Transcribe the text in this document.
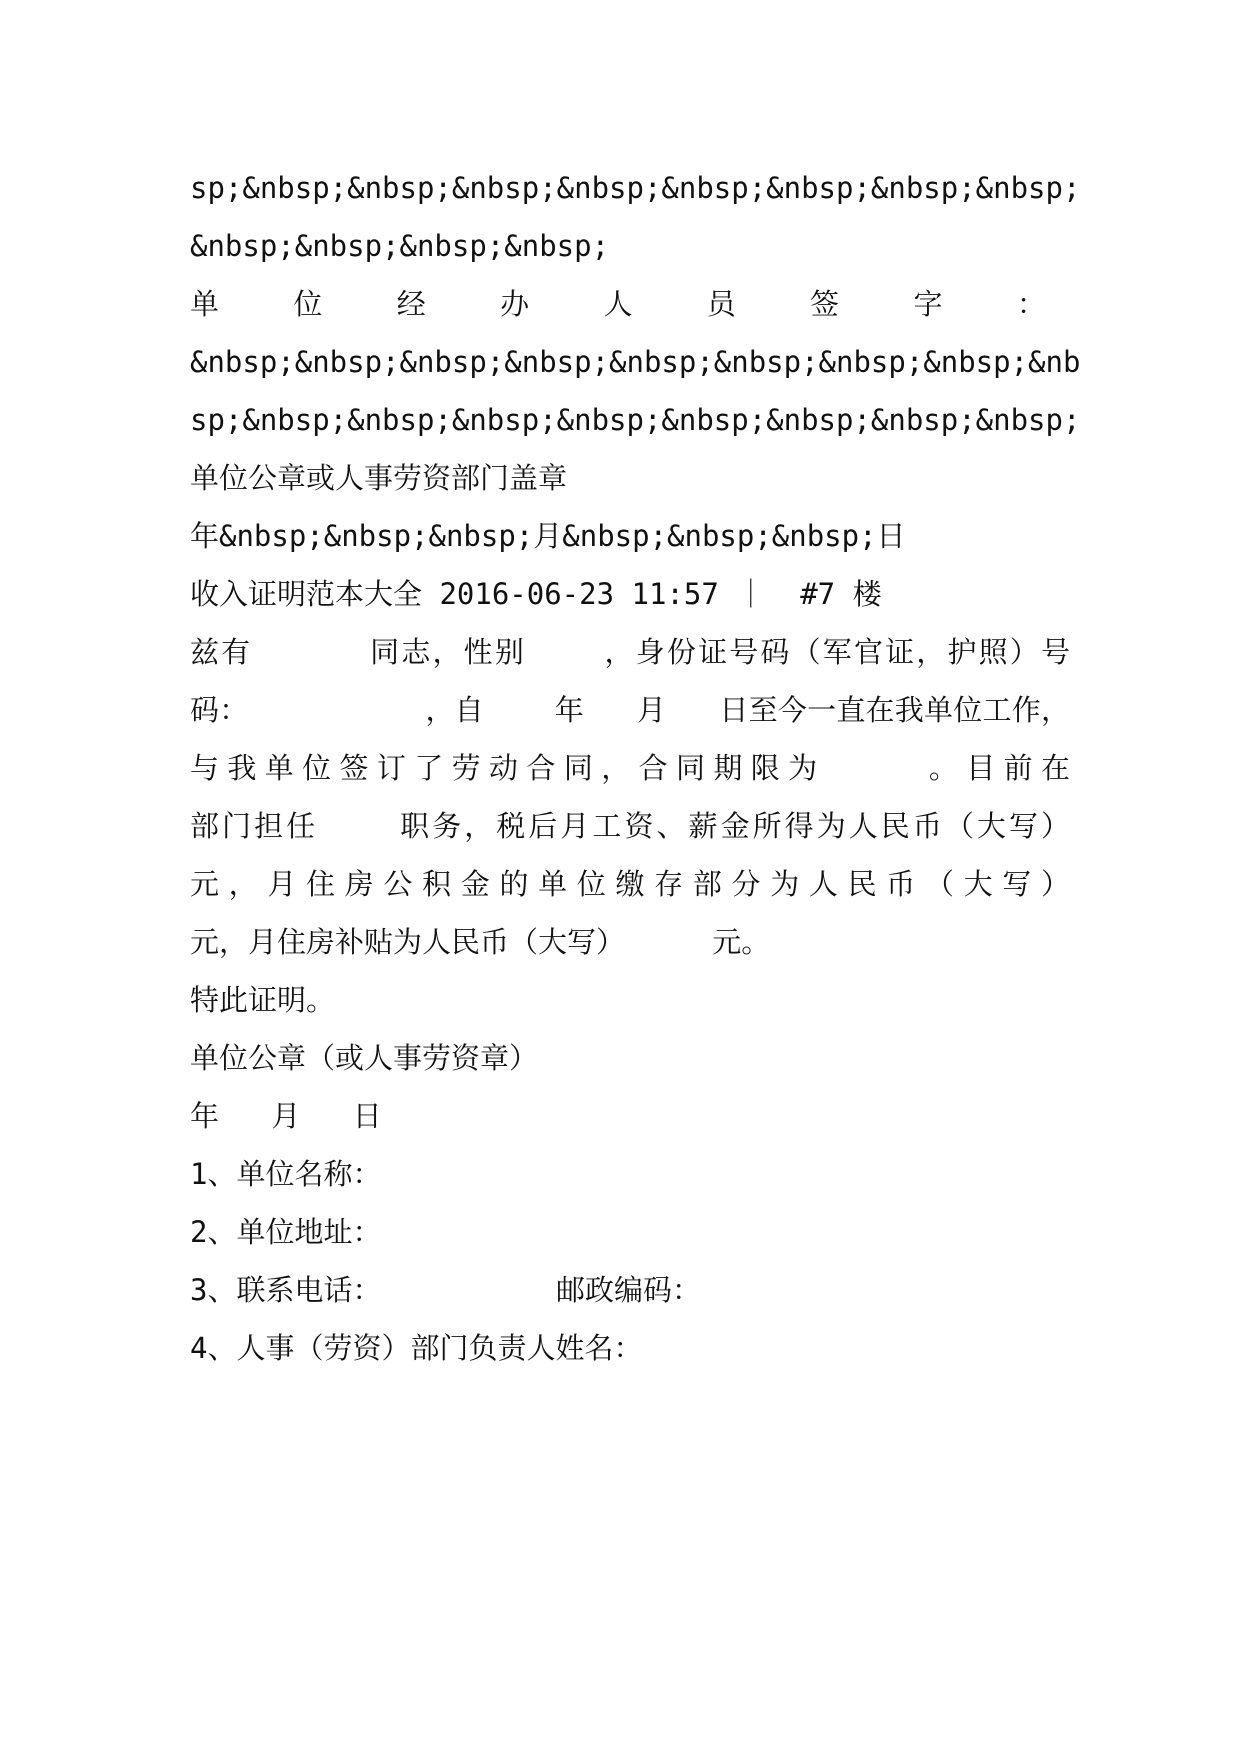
sp;&nbsp;&nbsp;&nbsp;&nbsp;&nbsp;&nbsp;&nbsp;&nbsp;
&nbsp;&nbsp;&nbsp;&nbsp;
单	位	经	办	人	员	签	字	：
&nbsp;&nbsp;&nbsp;&nbsp;&nbsp;&nbsp;&nbsp;&nbsp;&nb
sp;&nbsp;&nbsp;&nbsp;&nbsp;&nbsp;&nbsp;&nbsp;&nbsp;
单位公章或人事劳资部门盖章
年&nbsp;&nbsp;&nbsp;月&nbsp;&nbsp;&nbsp;日
收入证明范本大全 2016-06-23 11:57 ｜  #7 楼
兹有      同志，性别    ，身份证号码（军官证，护照）号
码：          ，自    年   月   日至今一直在我单位工作，
与我单位签订了劳动合同，合同期限为    。目前在
部门担任    职务，税后月工资、薪金所得为人民币（大写）
元，月住房公积金的单位缴存部分为人民币（大写）
元，月住房补贴为人民币（大写）     元。
特此证明。
单位公章（或人事劳资章）
年   月   日
1、单位名称：
2、单位地址：
3、联系电话：          邮政编码：
4、人事（劳资）部门负责人姓名：
